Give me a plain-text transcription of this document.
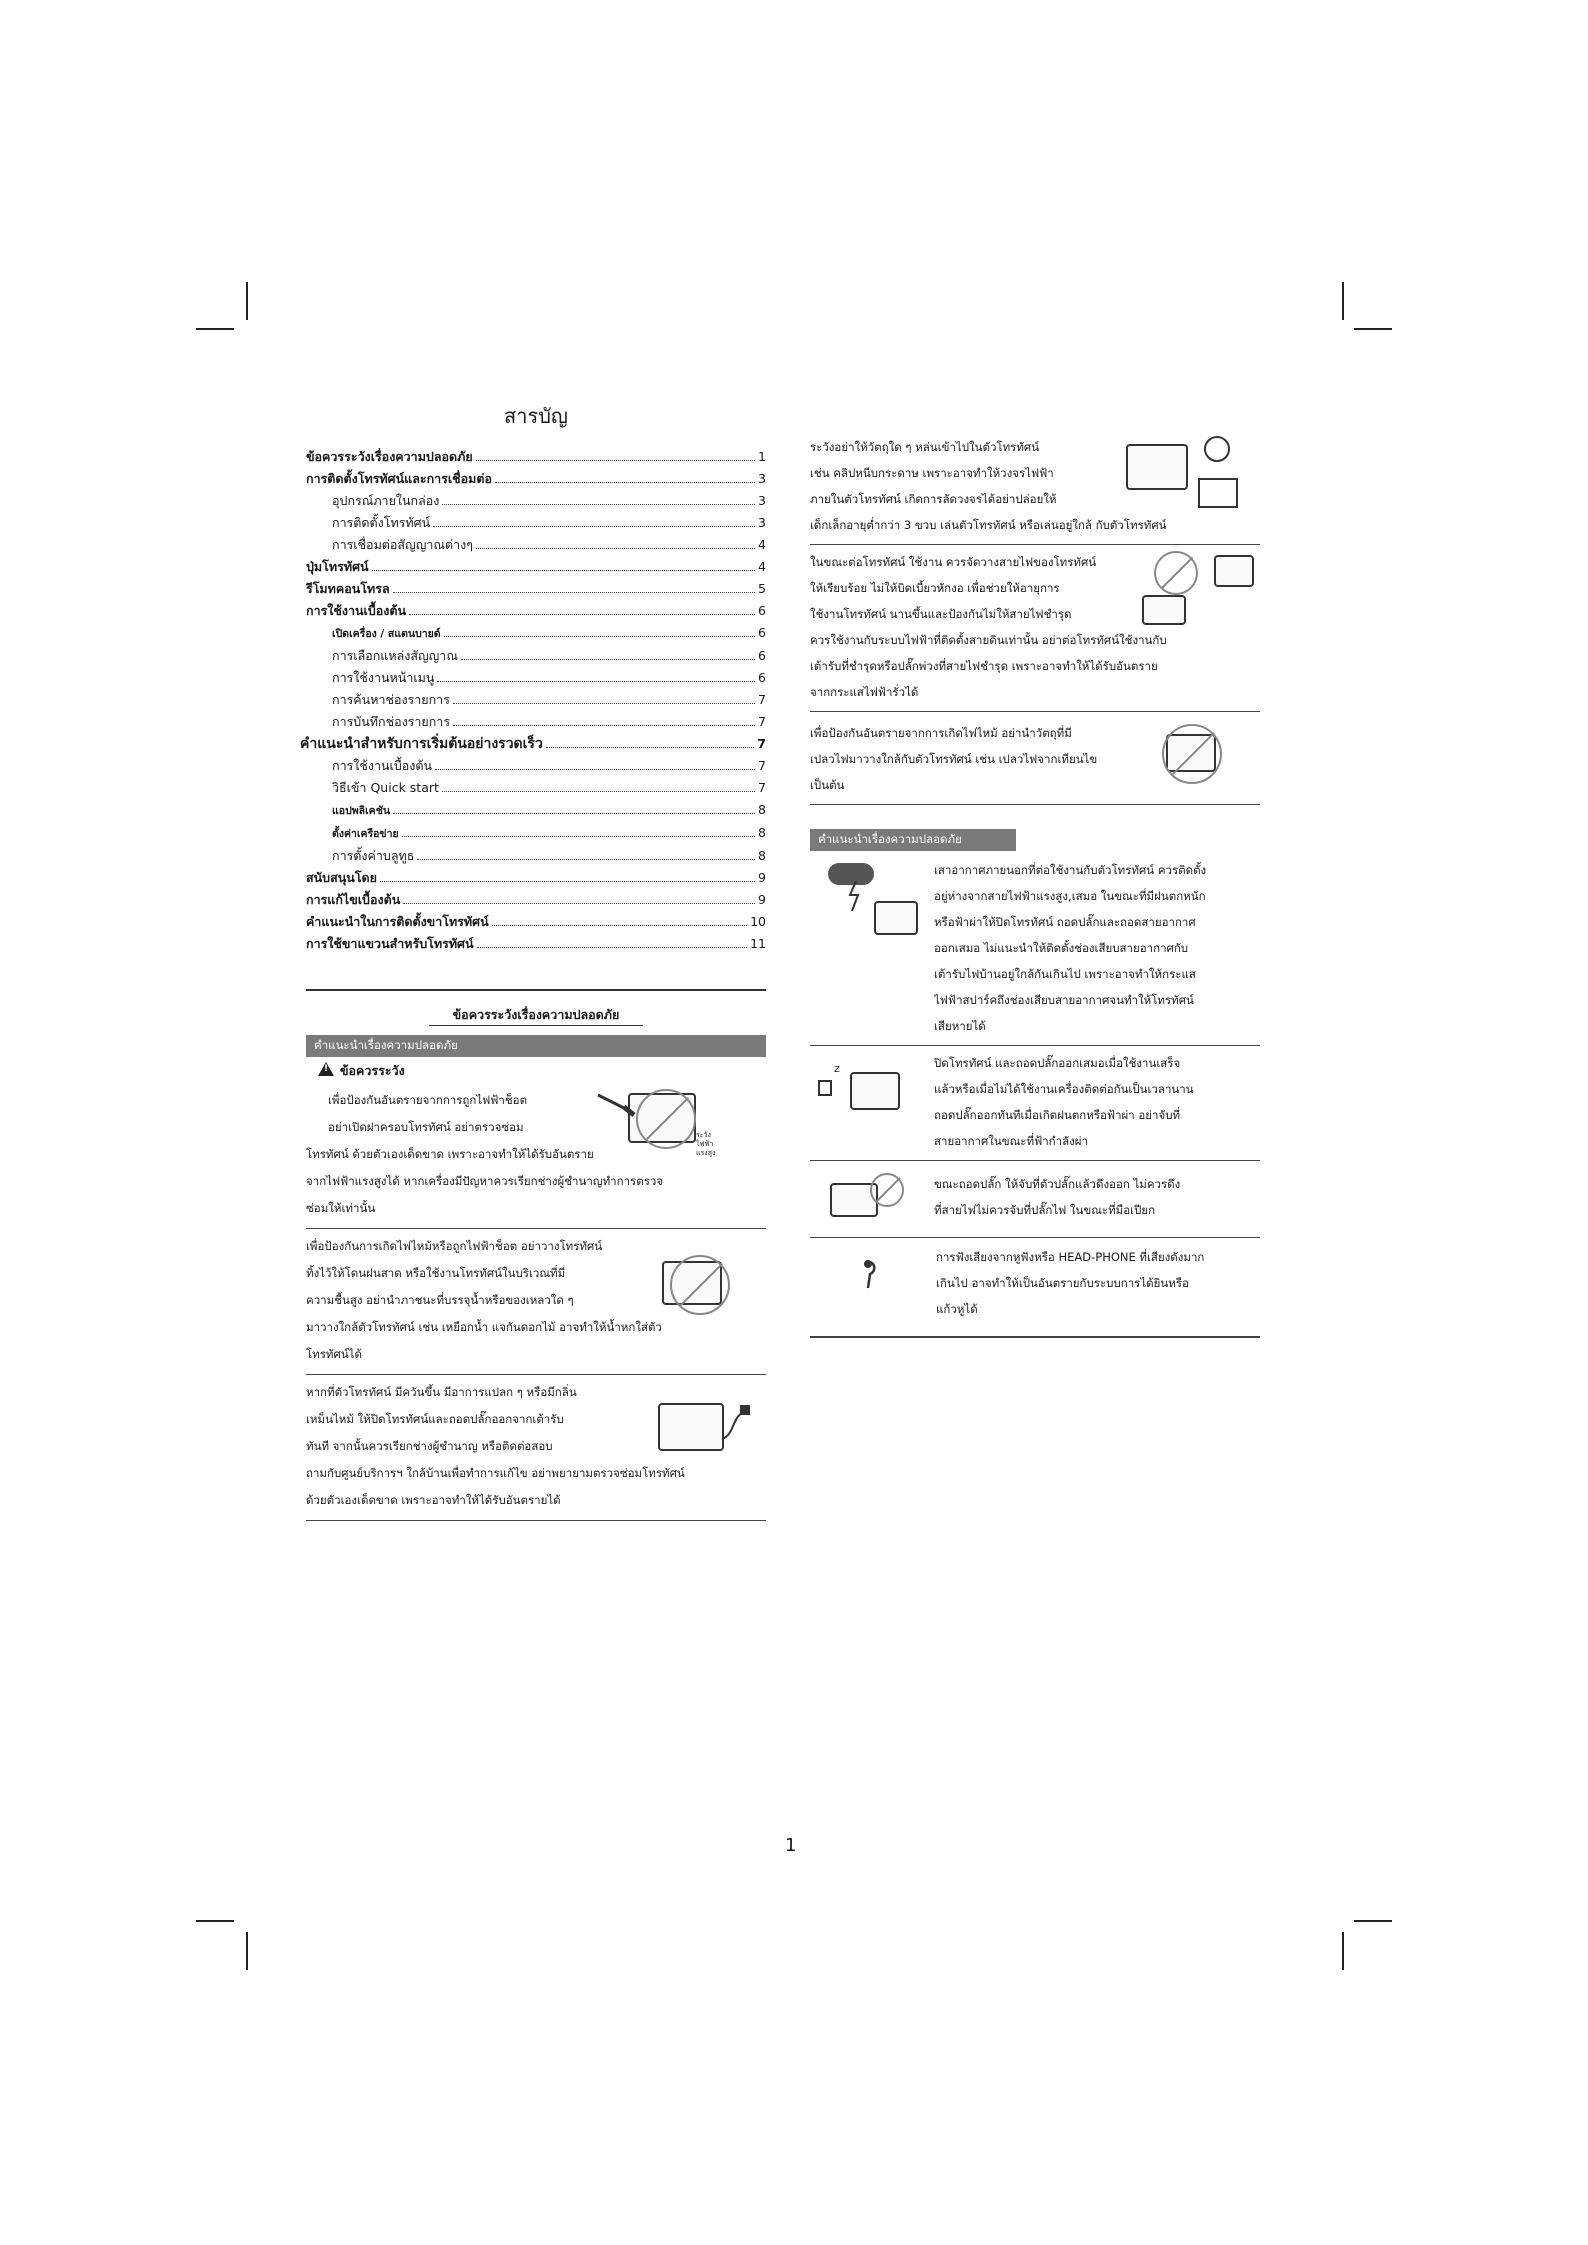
สารบัญ
ข้อควรระวังเรื่องความปลอดภัย	1
การติดตั้งโทรทัศน์และการเชื่อมต่อ	3
อุปกรณ์ภายในกล่อง	3
การติดตั้งโทรทัศน์	3
การเชื่อมต่อสัญญาณต่างๆ	4
ปุ่มโทรทัศน์	4
รีโมทคอนโทรล	5
การใช้งานเบื้องต้น	6
เปิดเครื่อง / สแตนบายด์	6
การเลือกแหล่งสัญญาณ	6
การใช้งานหน้าเมนู	6
การค้นหาช่องรายการ	7
การบันทึกช่องรายการ	7
คำแนะนำสำหรับการเริ่มต้นอย่างรวดเร็ว	7
การใช้งานเบื้องต้น	7
วิธีเข้า Quick start	7
แอปพลิเคชัน	8
ตั้งค่าเครือข่าย	8
การตั้งค่าบลูทูธ	8
สนับสนุนโดย	9
การแก้ไขเบื้องต้น	9
คำแนะนำในการติดตั้งขาโทรทัศน์	10
การใช้ขาแขวนสำหรับโทรทัศน์	11
ข้อควรระวังเรื่องความปลอดภัย
คำแนะนำเรื่องความปลอดภัย
!ข้อควรระวัง
เพื่อป้องกันอันตรายจากการถูกไฟฟ้าช็อต
อย่าเปิดฝาครอบโทรทัศน์ อย่าตรวจซ่อม
โทรทัศน์ ด้วยตัวเองเด็ดขาด เพราะอาจทำให้ได้รับอันตราย
จากไฟฟ้าแรงสูงได้ หากเครื่องมีปัญหาควรเรียกช่างผู้ชำนาญทำการตรวจ
ซ่อมให้เท่านั้น
ระวังไฟฟ้าแรงสูง
เพื่อป้องกันการเกิดไฟไหม้หรือถูกไฟฟ้าช็อต อย่าวางโทรทัศน์
ทิ้งไว้ให้โดนฝนสาด หรือใช้งานโทรทัศน์ในบริเวณที่มี
ความชื้นสูง อย่านำภาชนะที่บรรจุน้ำหรือของเหลวใด ๆ
มาวางใกล้ตัวโทรทัศน์ เช่น เหยือกน้ำ แจกันดอกไม้ อาจทำให้น้ำหกใส่ตัว
โทรทัศน์ได้
หากที่ตัวโทรทัศน์ มีควันขึ้น มีอาการแปลก ๆ หรือมีกลิ่น
เหม็นไหม้ ให้ปิดโทรทัศน์และถอดปลั๊กออกจากเต้ารับ
ทันที จากนั้นควรเรียกช่างผู้ชำนาญ หรือติดต่อสอบ
ถามกับศูนย์บริการฯ ใกล้บ้านเพื่อทำการแก้ไข อย่าพยายามตรวจซ่อมโทรทัศน์
ด้วยตัวเองเด็ดขาด เพราะอาจทำให้ได้รับอันตรายได้
ระวังอย่าให้วัตถุใด ๆ หล่นเข้าไปในตัวโทรทัศน์
เช่น คลิปหนีบกระดาษ เพราะอาจทำให้วงจรไฟฟ้า
ภายในตัวโทรทัศน์ เกิดการลัดวงจรได้อย่าปล่อยให้
เด็กเล็กอายุต่ำกว่า 3 ขวบ เล่นตัวโทรทัศน์ หรือเล่นอยู่ใกล้ กับตัวโทรทัศน์
ในขณะต่อโทรทัศน์ ใช้งาน ควรจัดวางสายไฟของโทรทัศน์
ให้เรียบร้อย ไม่ให้บิดเบี้ยวหักงอ เพื่อช่วยให้อายุการ
ใช้งานโทรทัศน์ นานขึ้นและป้องกันไม่ให้สายไฟชำรุด
ควรใช้งานกับระบบไฟฟ้าที่ติดตั้งสายดินเท่านั้น อย่าต่อโทรทัศน์ใช้งานกับ
เต้ารับที่ชำรุดหรือปลั๊กพ่วงที่สายไฟชำรุด เพราะอาจทำให้ได้รับอันตราย
จากกระแสไฟฟ้ารั่วได้
เพื่อป้องกันอันตรายจากการเกิดไฟไหม้ อย่านำวัตถุที่มี
เปลวไฟมาวางใกล้กับตัวโทรทัศน์ เช่น เปลวไฟจากเทียนไข
เป็นต้น
คำแนะนำเรื่องความปลอดภัย
เสาอากาศภายนอกที่ต่อใช้งานกับตัวโทรทัศน์ ควรติดตั้ง
อยู่ห่างจากสายไฟฟ้าแรงสูง,เสมอ ในขณะที่มีฝนตกหนัก
หรือฟ้าผ่าให้ปิดโทรทัศน์ ถอดปลั๊กและถอดสายอากาศ
ออกเสมอ ไม่แนะนำให้ติดตั้งช่องเสียบสายอากาศกับ
เต้ารับไฟบ้านอยู่ใกล้กันเกินไป เพราะอาจทำให้กระแส
ไฟฟ้าสปาร์คถึงช่องเสียบสายอากาศจนทำให้โทรทัศน์
เสียหายได้
ปิดโทรทัศน์ และถอดปลั๊กออกเสมอเมื่อใช้งานเสร็จ
แล้วหรือเมื่อไม่ได้ใช้งานเครื่องติดต่อกันเป็นเวลานาน
ถอดปลั๊กออกทันทีเมื่อเกิดฝนตกหรือฟ้าผ่า อย่าจับที่
สายอากาศในขณะที่ฟ้ากำลังผ่า
z
ขณะถอดปลั๊ก ให้จับที่ตัวปลั๊กแล้วดึงออก ไม่ควรดึง
ที่สายไฟไม่ควรจับที่ปลั๊กไฟ ในขณะที่มือเปียก
การฟังเสียงจากหูฟังหรือ HEAD-PHONE ที่เสียงดังมาก
เกินไป อาจทำให้เป็นอันตรายกับระบบการได้ยินหรือ
แก้วหูได้
1
